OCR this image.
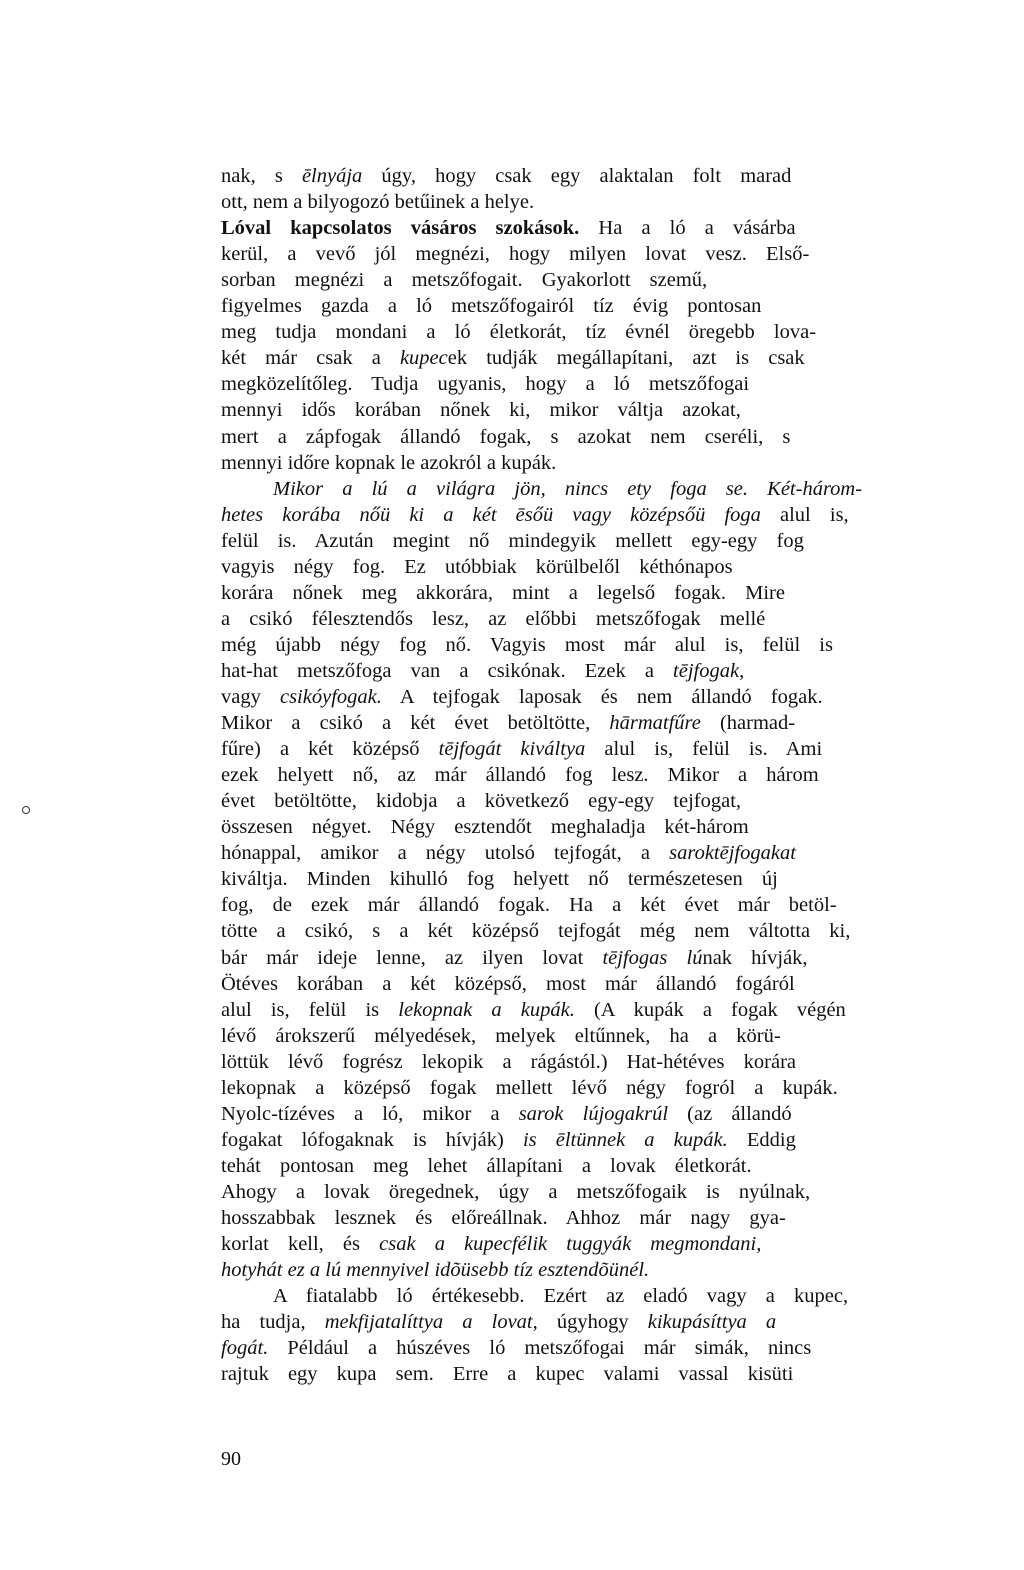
nak, s ēlnyája úgy, hogy csak egy alaktalan folt marad
ott, nem a bilyogozó betűinek a helye.
Lóval kapcsolatos vásáros szokások. Ha a ló a vásárba
kerül, a vevő jól megnézi, hogy milyen lovat vesz. Első-
sorban megnézi a metszőfogait. Gyakorlott szemű,
figyelmes gazda a ló metszőfogairól tíz évig pontosan
meg tudja mondani a ló életkorát, tíz évnél öregebb lova-
két már csak a kupecek tudják megállapítani, azt is csak
megközelítőleg. Tudja ugyanis, hogy a ló metszőfogai
mennyi idős korában nőnek ki, mikor váltja azokat,
mert a zápfogak állandó fogak, s azokat nem cseréli, s
mennyi időre kopnak le azokról a kupák.
Mikor a lú a világra jön, nincs ety foga se. Két-három-
hetes korába nőü ki a két ēsőü vagy középsőü foga alul is,
felül is. Azután megint nő mindegyik mellett egy-egy fog
vagyis négy fog. Ez utóbbiak körülbelől kéthónapos
korára nőnek meg akkorára, mint a legelső fogak. Mire
a csikó félesztendős lesz, az előbbi metszőfogak mellé
még újabb négy fog nő. Vagyis most már alul is, felül is
hat-hat metszőfoga van a csikónak. Ezek a tējfogak,
vagy csikóyfogak. A tejfogak laposak és nem állandó fogak.
Mikor a csikó a két évet betöltötte, hārmatfűre (harmad-
fűre) a két középső tējfogát kiváltya alul is, felül is. Ami
ezek helyett nő, az már állandó fog lesz. Mikor a három
évet betöltötte, kidobja a következő egy-egy tejfogat,
összesen négyet. Négy esztendőt meghaladja két-három
hónappal, amikor a négy utolsó tejfogát, a saroktējfogakat
kiváltja. Minden kihulló fog helyett nő természetesen új
fog, de ezek már állandó fogak. Ha a két évet már betöl-
tötte a csikó, s a két középső tejfogát még nem váltotta ki,
bár már ideje lenne, az ilyen lovat tējfogas lúnak hívják,
Ötéves korában a két középső, most már állandó fogáról
alul is, felül is lekopnak a kupák. (A kupák a fogak végén
lévő árokszerű mélyedések, melyek eltűnnek, ha a körü-
löttük lévő fogrész lekopik a rágástól.) Hat-hétéves korára
lekopnak a középső fogak mellett lévő négy fogról a kupák.
Nyolc-tízéves a ló, mikor a sarok lújogakrúl (az állandó
fogakat lófogaknak is hívják) is ēltünnek a kupák. Eddig
tehát pontosan meg lehet állapítani a lovak életkorát.
Ahogy a lovak öregednek, úgy a metszőfogaik is nyúlnak,
hosszabbak lesznek és előreállnak. Ahhoz már nagy gya-
korlat kell, és csak a kupecfélik tuggyák megmondani,
hotyhát ez a lú mennyivel idõüsebb tíz esztendõünél.
A fiatalabb ló értékesebb. Ezért az eladó vagy a kupec,
ha tudja, mekfijatalíttya a lovat, úgyhogy kikupásíttya a
fogát. Például a húszéves ló metszőfogai már simák, nincs
rajtuk egy kupa sem. Erre a kupec valami vassal kisüti
90
